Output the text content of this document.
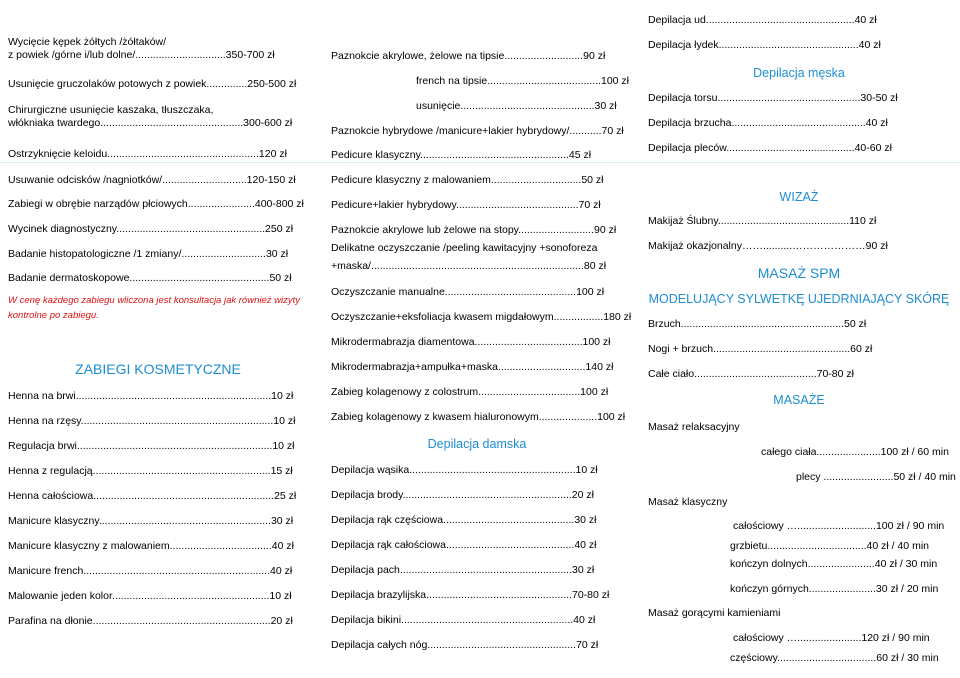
Wycięcie kępek żółtych /żółtaków/
z powiek /górne i/lub dolne/...............................350-700 zł
Usunięcie gruczolaków potowych z powiek..............250-500 zł
Chirurgiczne usunięcie kaszaka, tłuszczaka,
włókniaka twardego.................................................300-600 zł
Ostrzyknięcie keloidu....................................................120 zł
Usuwanie odcisków /nagniotków/.............................120-150 zł
Zabiegi w obrębie narządów płciowych.......................400-800 zł
Wycinek diagnostyczny...................................................250 zł
Badanie histopatologiczne /1 zmiany/.............................30 zł
Badanie dermatoskopowe................................................50 zł
W cenę każdego zabiegu wliczona jest konsultacja jak również wizyty kontrolne po zabiegu.
ZABIEGI KOSMETYCZNE
Henna na brwi...................................................................10 zł
Henna na rzęsy..................................................................10 zł
Regulacja brwi...................................................................10 zł
Henna z regulacją.............................................................15 zł
Henna całościowa..............................................................25 zł
Manicure klasyczny...........................................................30 zł
Manicure klasyczny z malowaniem...................................40 zł
Manicure french................................................................40 zł
Malowanie jeden kolor......................................................10 zł
Parafina na dłonie.............................................................20 zł
Paznokcie akrylowe, żelowe na tipsie...........................90 zł
french na tipsie.......................................100 zł
usunięcie..............................................30 zł
Paznokcie hybrydowe /manicure+lakier hybrydowy/...........70 zł
Pedicure klasyczny...................................................45 zł
Pedicure klasyczny z malowaniem...............................50 zł
Pedicure+lakier hybrydowy..........................................70 zł
Paznokcie akrylowe lub żelowe na stopy..........................90 zł
Delikatne oczyszczanie /peeling kawitacyjny +sonoforeza
+maska/.........................................................................80 zł
Oczyszczanie manualne.............................................100 zł
Oczyszczanie+eksfoliacja kwasem migdałowym.................180 zł
Mikrodermabrazja diamentowa.....................................100 zł
Mikrodermabrazja+ampułka+maska..............................140 zł
Zabieg kolagenowy z colostrum...................................100 zł
Zabieg kolagenowy z kwasem hialuronowym....................100 zł
Depilacja damska
Depilacja wąsika.........................................................10 zł
Depilacja brody..........................................................20 zł
Depilacja rąk częściowa.............................................30 zł
Depilacja rąk całościowa............................................40 zł
Depilacja pach...........................................................30 zł
Depilacja brazylijska..................................................70-80 zł
Depilacja bikini...........................................................40 zł
Depilacja całych nóg...................................................70 zł
Depilacja męska
WIZAŻ
MASAŻ SPM
MODELUJĄCY SYLWETKĘ UJEDRNIAJĄCY SKÓRĘ
MASAŻE
Depilacja ud...................................................40 zł
Depilacja łydek................................................40 zł
Depilacja torsu.................................................30-50 zł
Depilacja brzucha..............................................40 zł
Depilacja pleców............................................40-60 zł
Makijaż Ślubny.............................................110 zł
Makijaż okazjonalny……..........…………………90 zł
Brzuch........................................................50 zł
Nogi + brzuch...............................................60 zł
Całe ciało..........................................70-80 zł
Masaż relaksacyjny
całego ciała......................100 zł / 60 min
plecy ........................50 zł / 40 min
Masaż klasyczny
całościowy …...........................100 zł / 90 min
grzbietu..................................40 zł / 40 min
kończyn dolnych.......................40 zł / 30 min
kończyn górnych.......................30 zł / 20 min
Masaż gorącymi kamieniami
całościowy …......................120 zł / 90 min
częściowy..................................60 zł / 30 min
